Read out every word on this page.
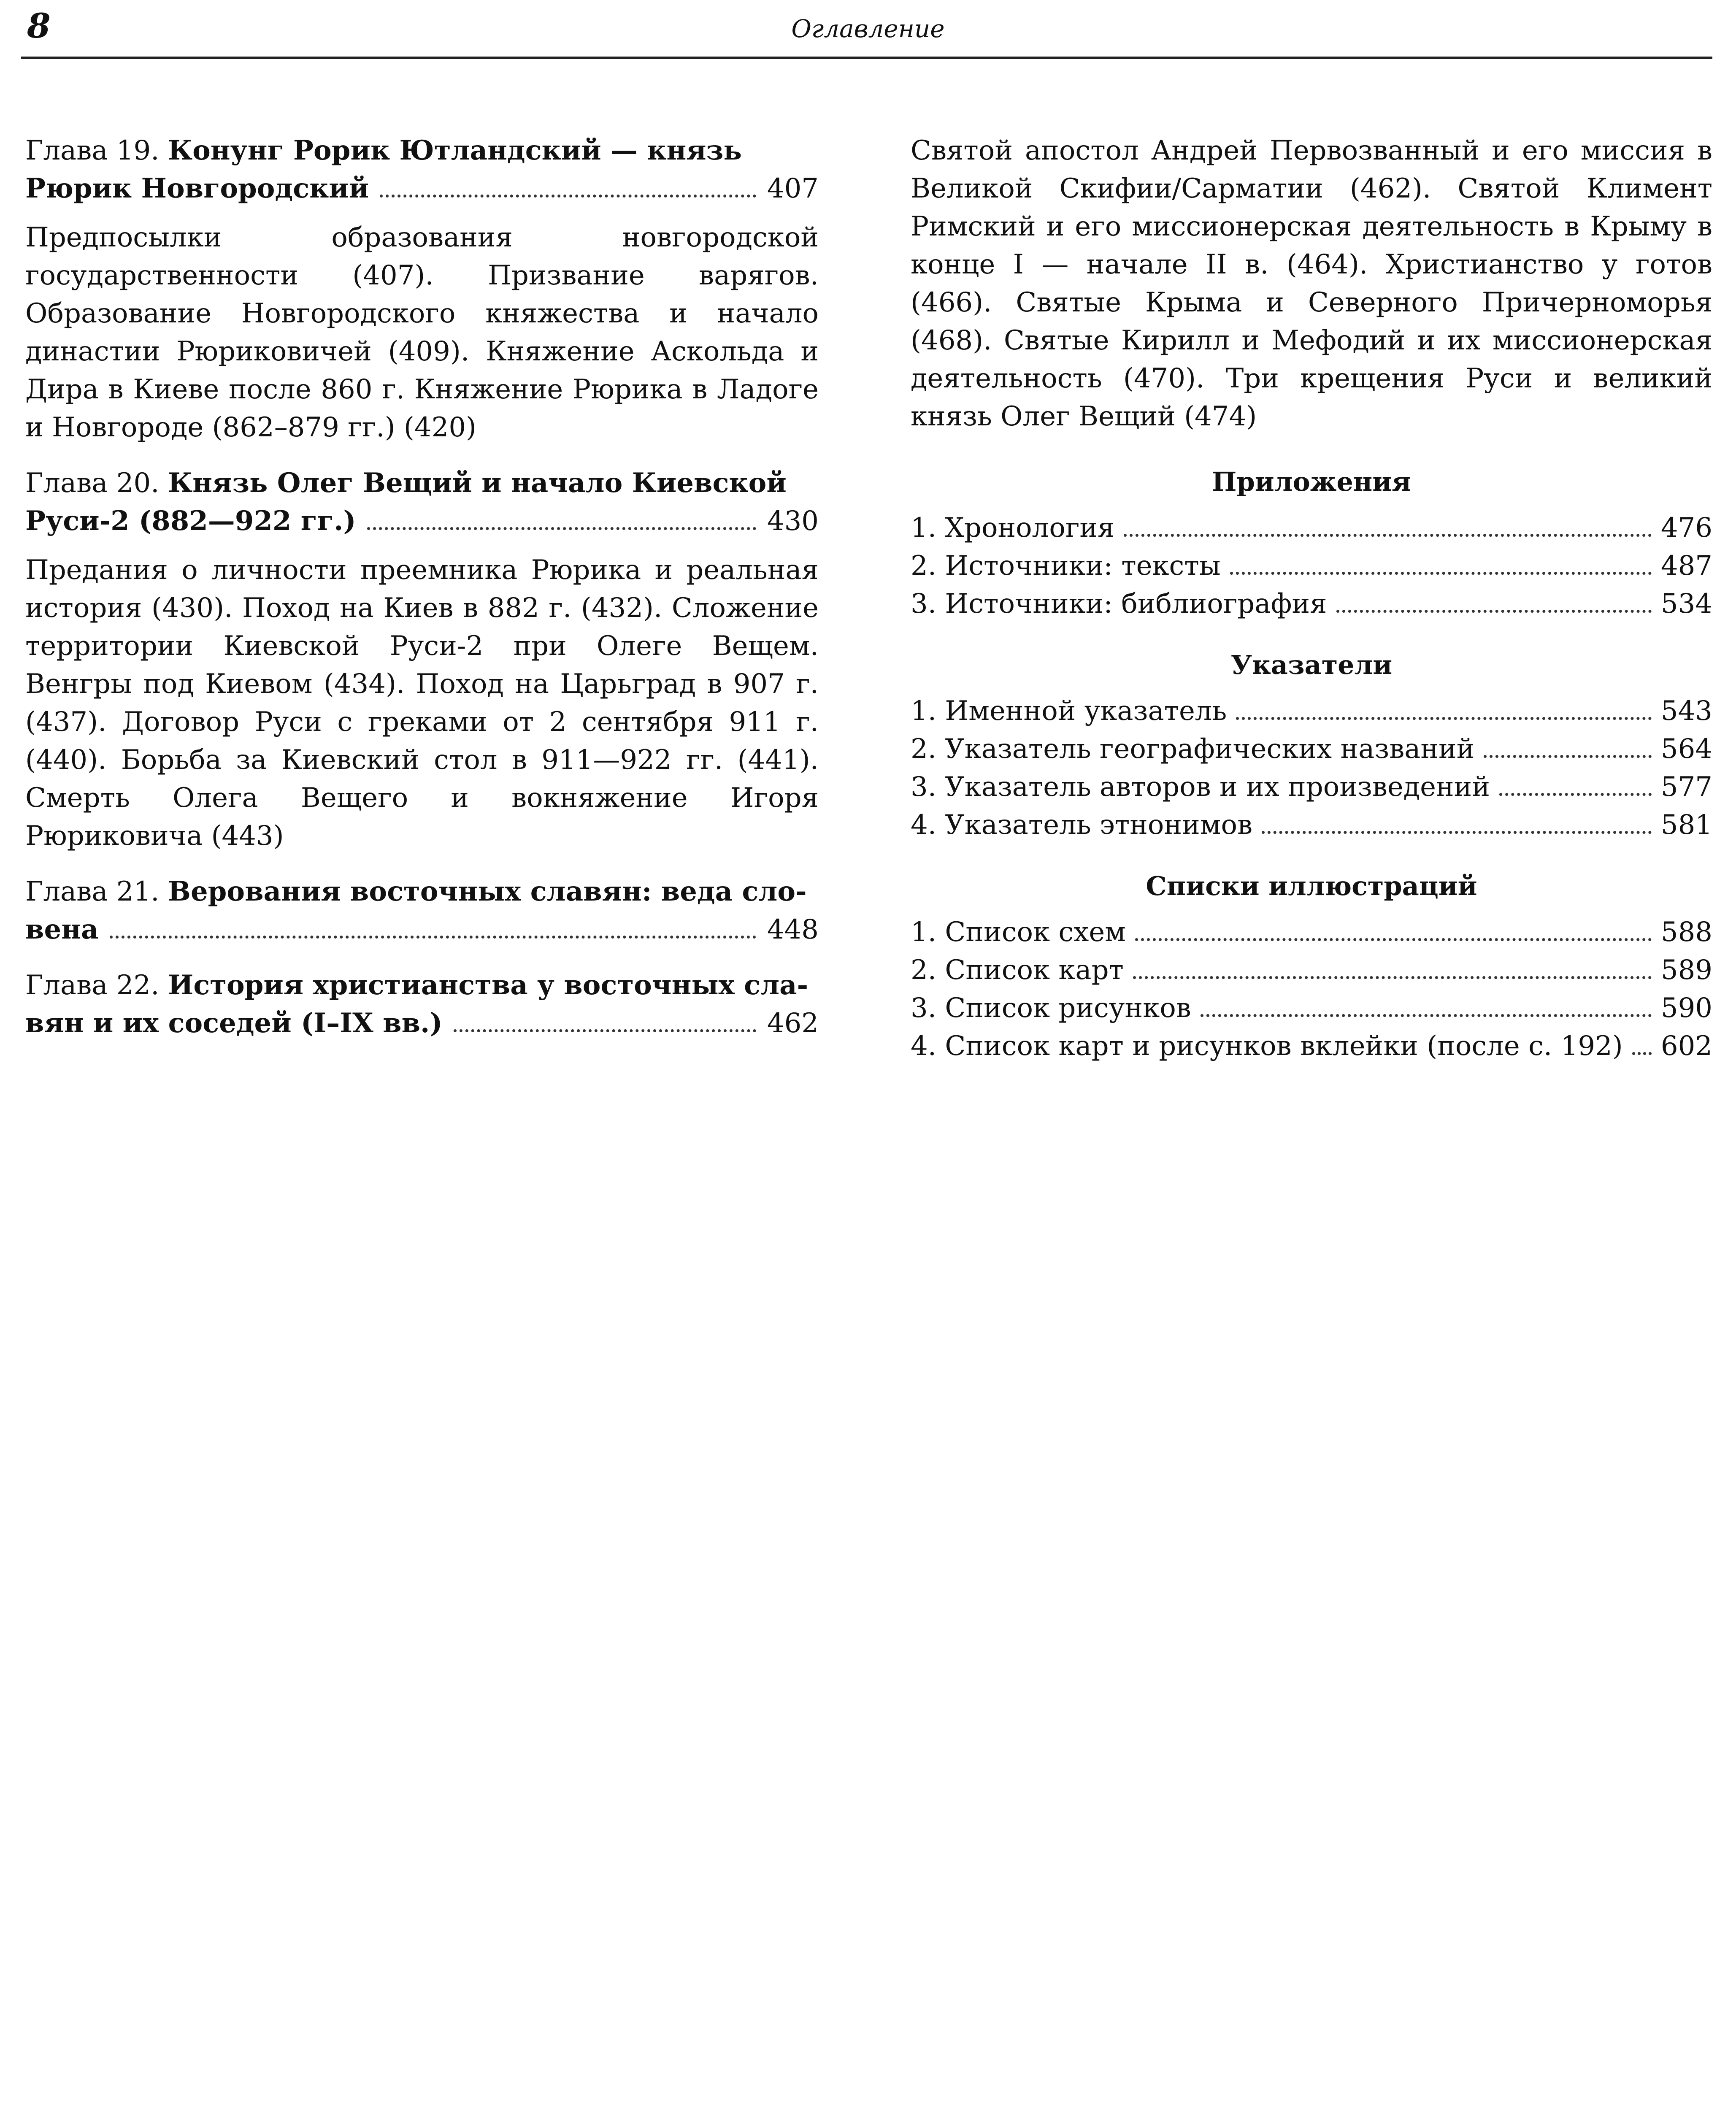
8	Оглавление
Глава 19. Конунг Рорик Ютландский — князь
Рюрик Новгородский	407
Предпосылки образования новгородской государственности (407). Призвание варягов. Образование Новгородского княжества и начало династии Рюриковичей (409). Княжение Аскольда и Дира в Киеве после 860 г. Княжение Рюрика в Ладоге и Новгороде (862–879 гг.) (420)
Глава 20. Князь Олег Вещий и начало Киевской
Руси-2 (882—922 гг.)	430
Предания о личности преемника Рюрика и реальная история (430). Поход на Киев в 882 г. (432). Сложение территории Киевской Руси-2 при Олеге Вещем. Венгры под Киевом (434). Поход на Царьград в 907 г. (437). Договор Руси с греками от 2 сентября 911 г. (440). Борьба за Киевский стол в 911—922 гг. (441). Смерть Олега Вещего и вокняжение Игоря Рюриковича (443)
Глава 21. Верования восточных славян: веда сло-
вена	448
Глава 22. История христианства у восточных сла-
вян и их соседей (I–IX вв.)	462
Святой апостол Андрей Первозванный и его миссия в Великой Скифии/Сарматии (462). Святой Климент Римский и его миссионерская деятельность в Крыму в конце I — начале II в. (464). Христианство у готов (466). Святые Крыма и Северного Причерноморья (468). Святые Кирилл и Мефодий и их миссионерская деятельность (470). Три крещения Руси и великий князь Олег Вещий (474)
Приложения
1. Хронология	476
2. Источники: тексты	487
3. Источники: библиография	534
Указатели
1. Именной указатель	543
2. Указатель географических названий	564
3. Указатель авторов и их произведений	577
4. Указатель этнонимов	581
Списки иллюстраций
1. Список схем	588
2. Список карт	589
3. Список рисунков	590
4. Список карт и рисунков вклейки (после с. 192) 602
